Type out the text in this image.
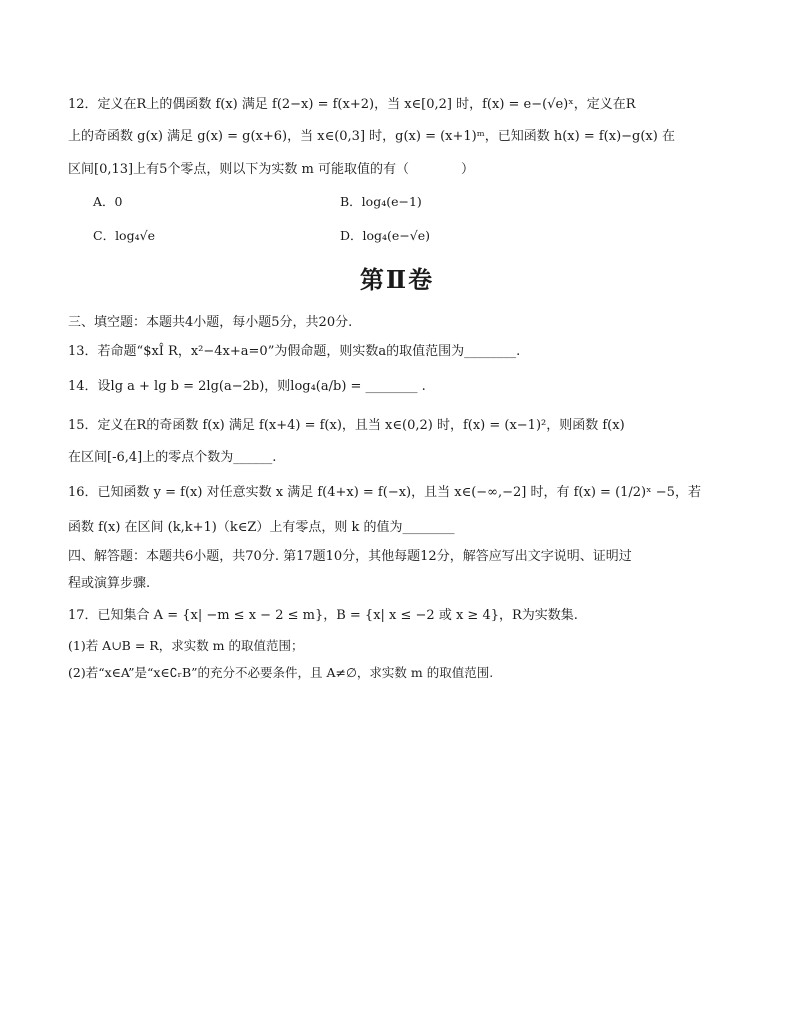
12．定义在R上的偶函数 f(x) 满足 f(2−x) = f(x+2)，当 x∈[0,2] 时，f(x) = e−(√e)ˣ，定义在R
上的奇函数 g(x) 满足 g(x) = g(x+6)，当 x∈(0,3] 时，g(x) = (x+1)ᵐ，已知函数 h(x) = f(x)−g(x) 在
区间[0,13]上有5个零点，则以下为实数 m 可能取值的有（　　　　）
A．0	B．log₄(e−1)
C．log₄√e	D．log₄(e−√e)
第Ⅱ卷
三、填空题：本题共4小题，每小题5分，共20分.
13．若命题“$xÎ R，x²−4x+a=0”为假命题，则实数a的取值范围为________.
14．设lg a + lg b = 2lg(a−2b)，则log₄(a/b) = ________ .
15．定义在R的奇函数 f(x) 满足 f(x+4) = f(x)，且当 x∈(0,2) 时，f(x) = (x−1)²，则函数 f(x)
在区间[-6,4]上的零点个数为______.
16．已知函数 y = f(x) 对任意实数 x 满足 f(4+x) = f(−x)，且当 x∈(−∞,−2] 时，有 f(x) = (1/2)ˣ −5，若
函数 f(x) 在区间 (k,k+1)（k∈Z）上有零点，则 k 的值为________
四、解答题：本题共6小题，共70分. 第17题10分，其他每题12分，解答应写出文字说明、证明过
程或演算步骤.
17．已知集合 A = {x| −m ≤ x − 2 ≤ m}，B = {x| x ≤ −2 或 x ≥ 4}，R为实数集.
(1)若 A∪B = R，求实数 m 的取值范围；
(2)若“x∈A”是“x∈∁ᵣB”的充分不必要条件，且 A≠∅，求实数 m 的取值范围.
